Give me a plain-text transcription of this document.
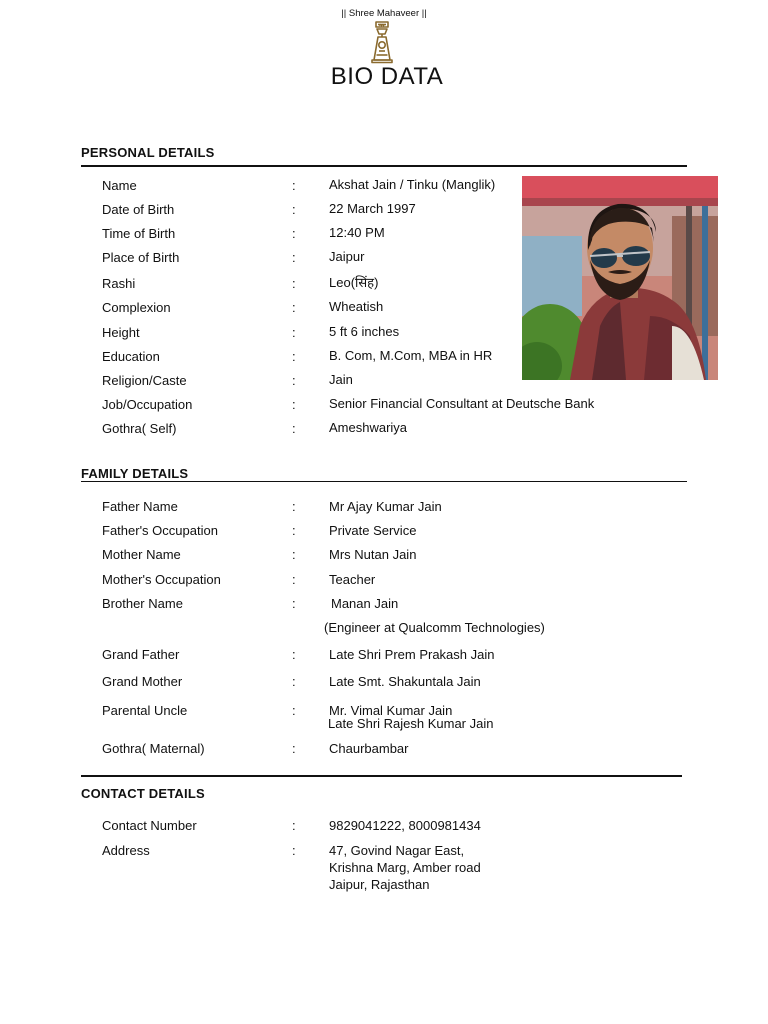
|| Shree Mahaveer ||
BIO DATA
PERSONAL DETAILS
Name	:	Akshat Jain / Tinku (Manglik)
Date of Birth	:	22 March 1997
Time of Birth	:	12:40 PM
Place of Birth	:	Jaipur
Rashi	:	Leo(सिंह)
Complexion	:	Wheatish
Height	:	5 ft 6 inches
Education	:	B. Com, M.Com, MBA in HR
Religion/Caste	:	Jain
Job/Occupation	:	Senior Financial Consultant at Deutsche Bank
Gothra( Self)	:	Ameshwariya
FAMILY DETAILS
Father Name	:	Mr Ajay Kumar Jain
Father's Occupation	:	Private Service
Mother Name	:	Mrs Nutan Jain
Mother's Occupation	:	Teacher
Brother Name	:	Manan Jain
(Engineer at Qualcomm Technologies)
Grand Father	:	Late Shri Prem Prakash Jain
Grand Mother	:	Late Smt. Shakuntala Jain
Parental Uncle	:	Mr. Vimal Kumar Jain
Late Shri Rajesh Kumar Jain
Gothra( Maternal)	:	Chaurbambar
CONTACT DETAILS
Contact Number	:	9829041222, 8000981434
Address	:	47, Govind Nagar East,
Krishna Marg, Amber road
Jaipur, Rajasthan
